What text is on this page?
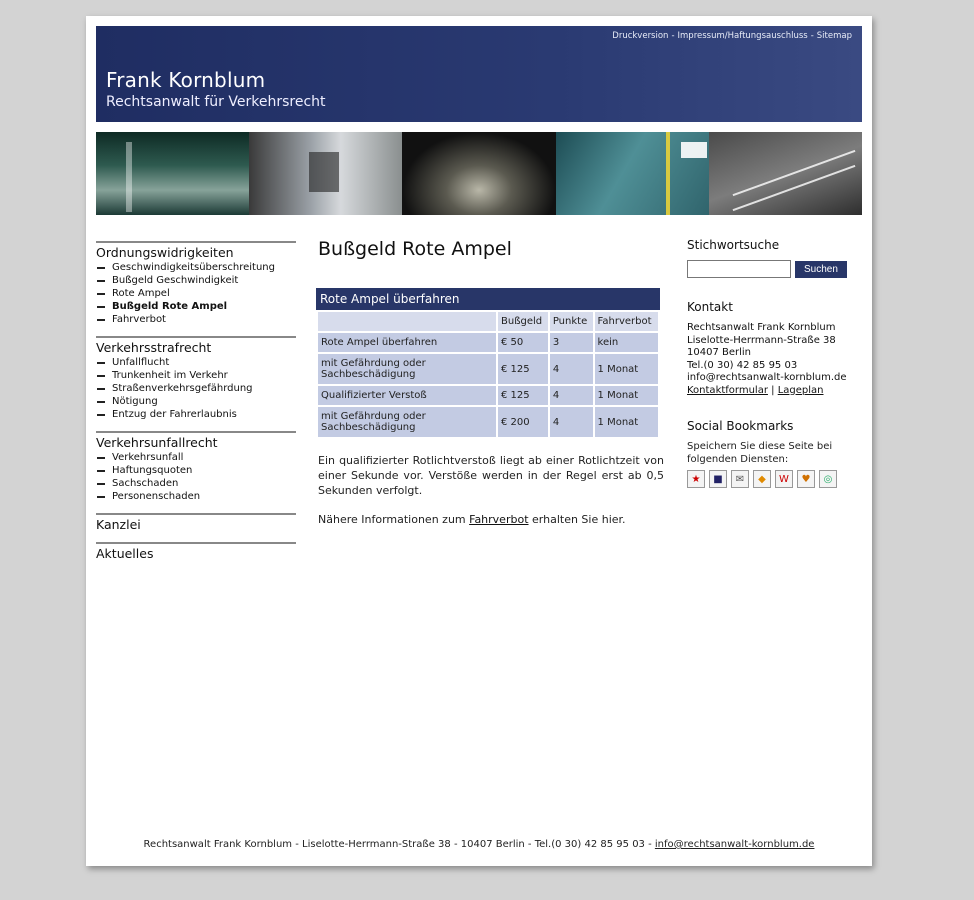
Druckversion - Impressum/Haftungsauschluss - Sitemap
Frank Kornblum
Rechtsanwalt für Verkehrsrecht
Ordnungswidrigkeiten
Geschwindigkeitsüberschreitung
Bußgeld Geschwindigkeit
Rote Ampel
Bußgeld Rote Ampel
Fahrverbot
Verkehrsstrafrecht
Unfallflucht
Trunkenheit im Verkehr
Straßenverkehrsgefährdung
Nötigung
Entzug der Fahrerlaubnis
Verkehrsunfallrecht
Verkehrsunfall
Haftungsquoten
Sachschaden
Personenschaden
Kanzlei
Aktuelles
Bußgeld Rote Ampel
Rote Ampel überfahren
	Bußgeld	Punkte	Fahrverbot
Rote Ampel überfahren	€ 50	3	kein
mit Gefährdung oder Sachbeschädigung	€ 125	4	1 Monat
Qualifizierter Verstoß	€ 125	4	1 Monat
mit Gefährdung oder Sachbeschädigung	€ 200	4	1 Monat

Ein qualifizierter Rotlichtverstoß liegt ab einer Rotlichtzeit von einer Sekunde vor. Verstöße werden in der Regel erst ab 0,5 Sekunden verfolgt.

Nähere Informationen zum Fahrverbot erhalten Sie hier.

Stichwortsuche
Suchen
Kontakt
Rechtsanwalt Frank Kornblum
Liselotte-Herrmann-Straße 38
10407 Berlin
Tel.(0 30) 42 85 95 03
info@rechtsanwalt-kornblum.de
Kontaktformular | Lageplan
Social Bookmarks
Speichern Sie diese Seite bei folgenden Diensten:
★	■	✉	◆	W	♥	◎
Rechtsanwalt Frank Kornblum - Liselotte-Herrmann-Straße 38 - 10407 Berlin - Tel.(0 30) 42 85 95 03 - info@rechtsanwalt-kornblum.de
